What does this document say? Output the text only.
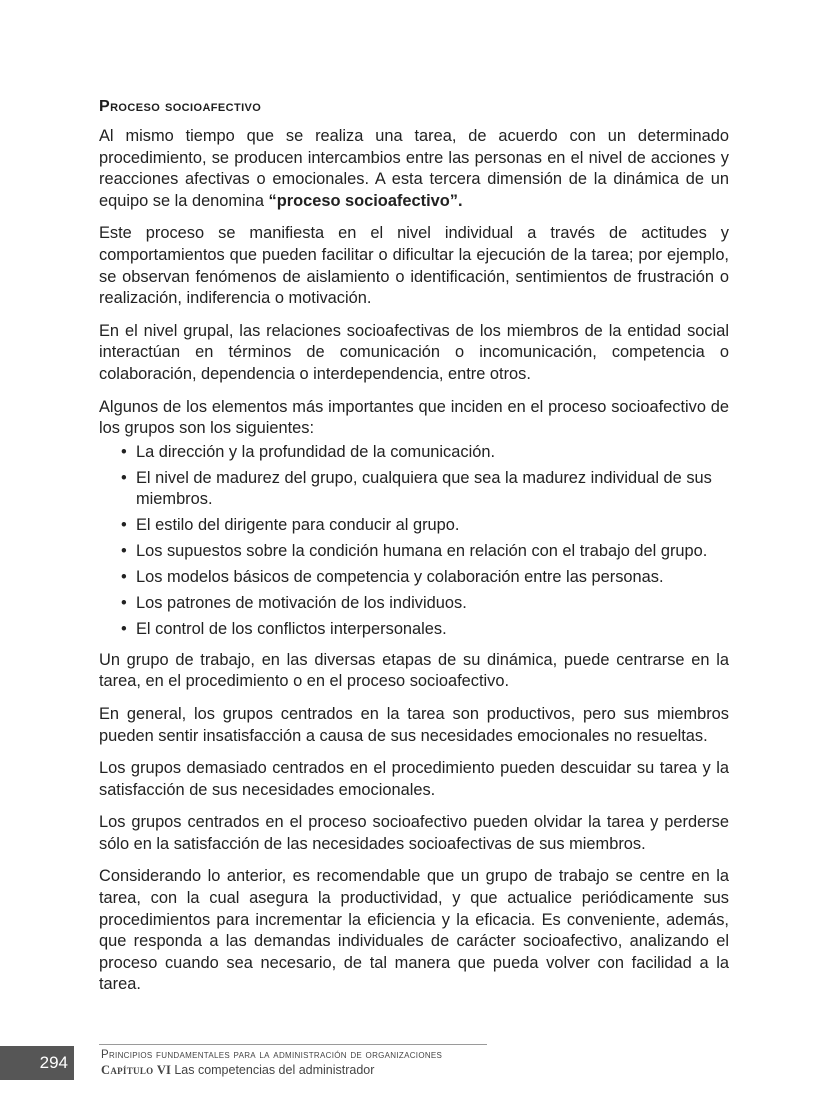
Proceso socioafectivo

Al mismo tiempo que se realiza una tarea, de acuerdo con un determinado procedimiento, se producen intercambios entre las personas en el nivel de acciones y reacciones afectivas o emocionales. A esta tercera dimensión de la dinámica de un equipo se la denomina “proceso socioafectivo”.

Este proceso se manifiesta en el nivel individual a través de actitudes y comportamientos que pueden facilitar o dificultar la ejecución de la tarea; por ejemplo, se observan fenómenos de aislamiento o identificación, sentimientos de frustración o realización, indiferencia o motivación.

En el nivel grupal, las relaciones socioafectivas de los miembros de la entidad social interactúan en términos de comunicación o incomunicación, competencia o colaboración, dependencia o interdependencia, entre otros.

Algunos de los elementos más importantes que inciden en el proceso socioafectivo de los grupos son los siguientes:

• La dirección y la profundidad de la comunicación.
• El nivel de madurez del grupo, cualquiera que sea la madurez individual de sus miembros.
• El estilo del dirigente para conducir al grupo.
• Los supuestos sobre la condición humana en relación con el trabajo del grupo.
• Los modelos básicos de competencia y colaboración entre las personas.
• Los patrones de motivación de los individuos.
• El control de los conflictos interpersonales.

Un grupo de trabajo, en las diversas etapas de su dinámica, puede centrarse en la tarea, en el procedimiento o en el proceso socioafectivo.

En general, los grupos centrados en la tarea son productivos, pero sus miembros pueden sentir insatisfacción a causa de sus necesidades emocionales no resueltas.

Los grupos demasiado centrados en el procedimiento pueden descuidar su tarea y la satisfacción de sus necesidades emocionales.

Los grupos centrados en el proceso socioafectivo pueden olvidar la tarea y perderse sólo en la satisfacción de las necesidades socioafectivas de sus miembros.

Considerando lo anterior, es recomendable que un grupo de trabajo se centre en la tarea, con la cual asegura la productividad, y que actualice periódicamente sus procedimientos para incrementar la eficiencia y la eficacia. Es conveniente, además, que responda a las demandas individuales de carácter socioafectivo, analizando el proceso cuando sea necesario, de tal manera que pueda volver con facilidad a la tarea.

294	Principios fundamentales para la administración de organizaciones
Capítulo VI Las competencias del administrador
